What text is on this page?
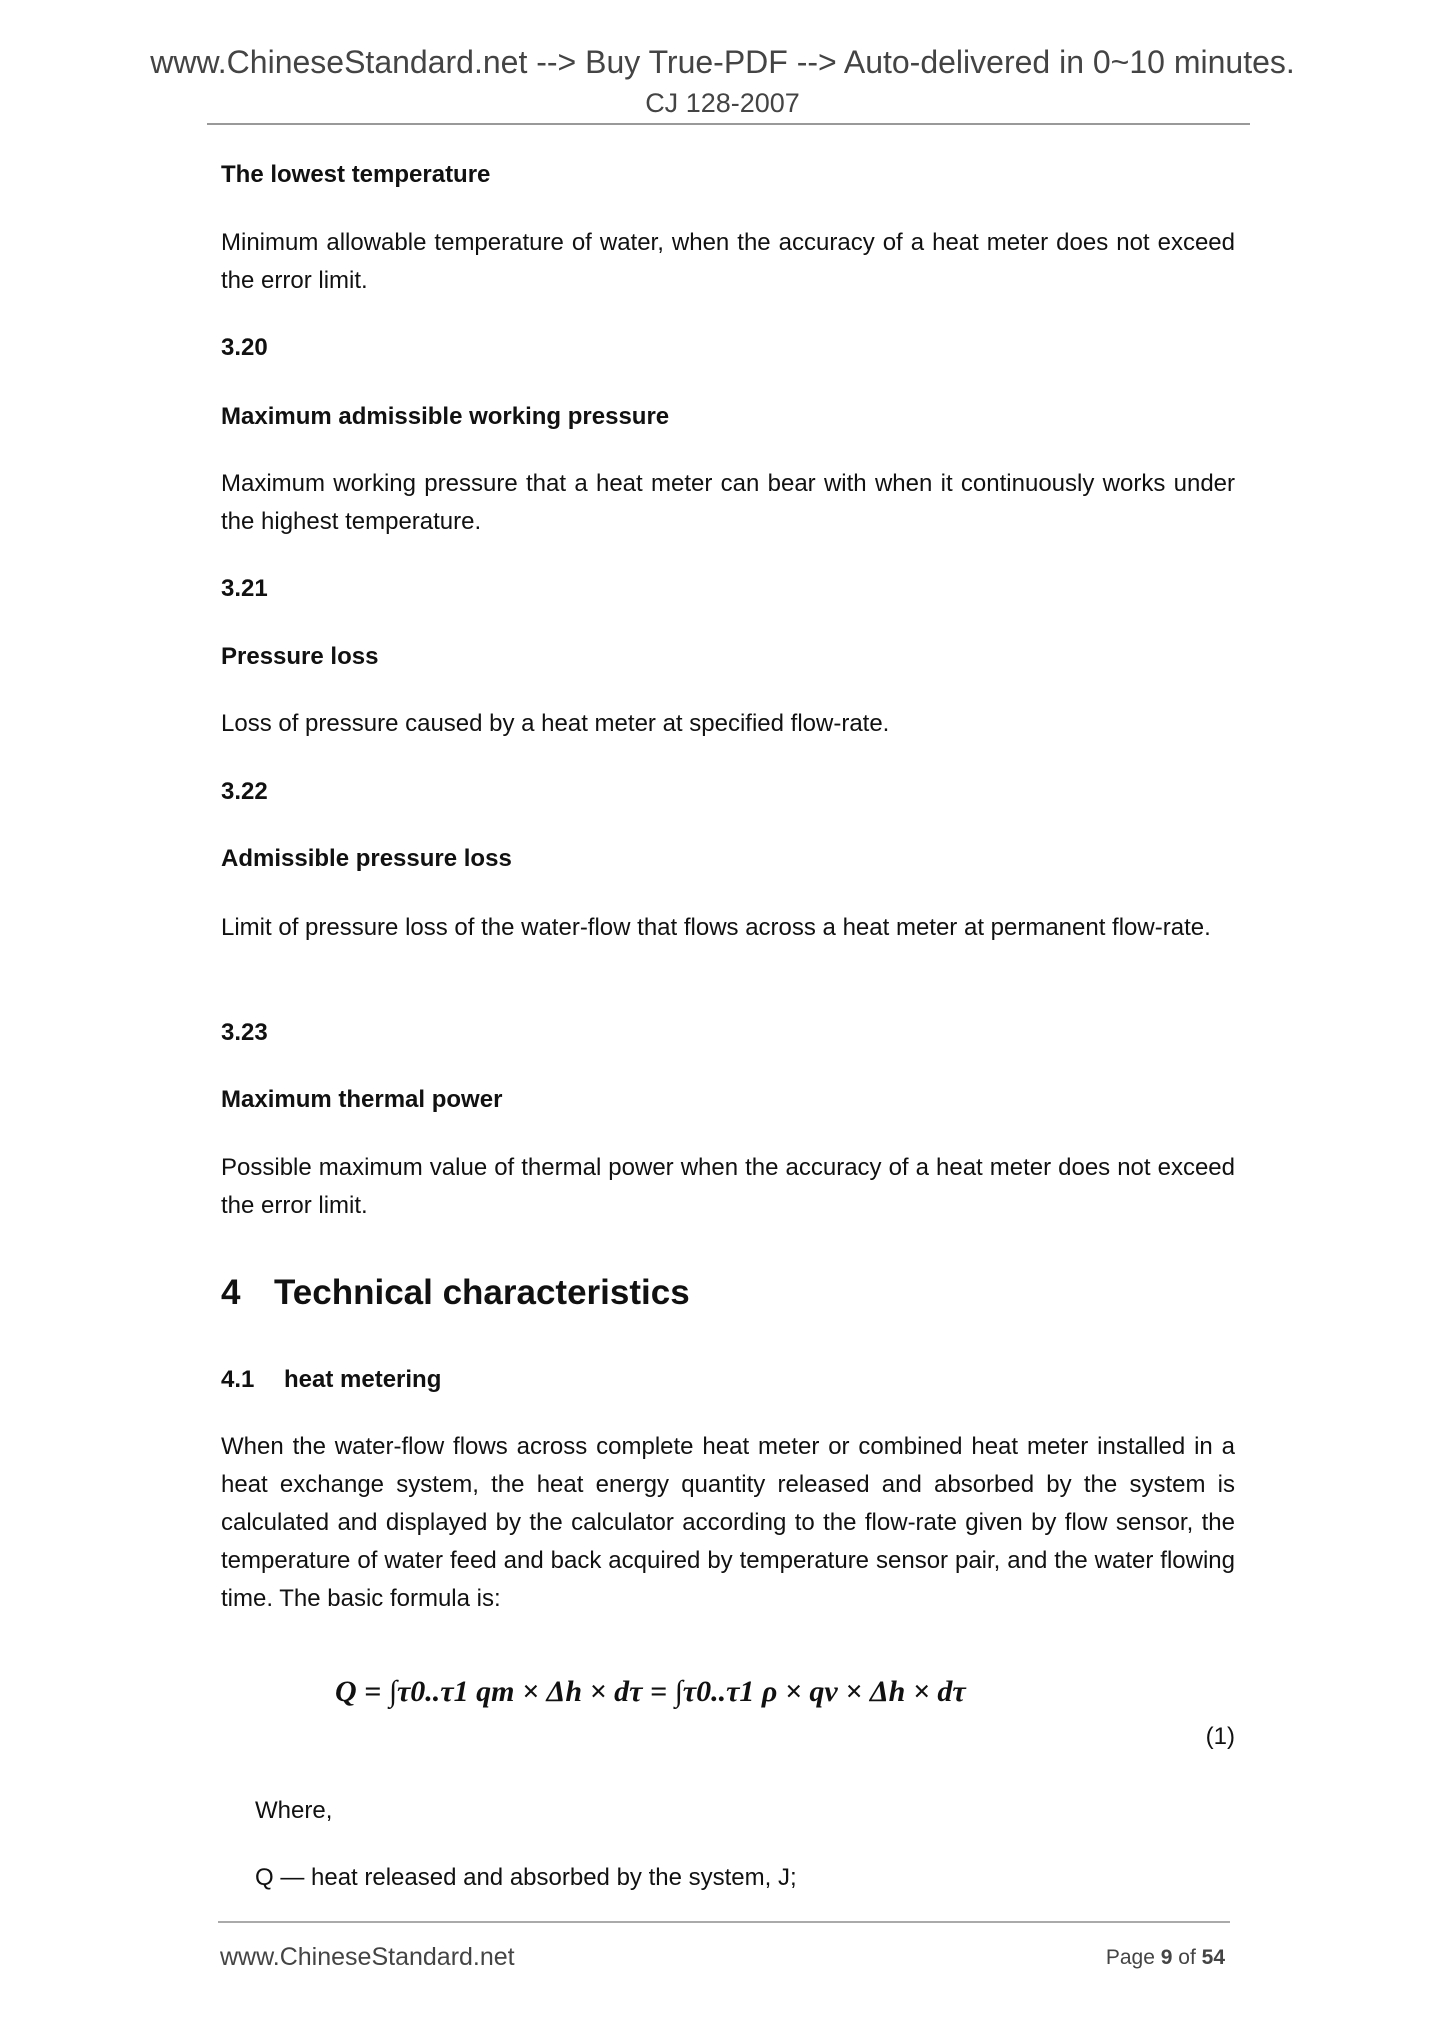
www.ChineseStandard.net --> Buy True-PDF --> Auto-delivered in 0~10 minutes.
CJ 128-2007
The lowest temperature
Minimum allowable temperature of water, when the accuracy of a heat meter does not exceed the error limit.
3.20
Maximum admissible working pressure
Maximum working pressure that a heat meter can bear with when it continuously works under the highest temperature.
3.21
Pressure loss
Loss of pressure caused by a heat meter at specified flow-rate.
3.22
Admissible pressure loss
Limit of pressure loss of the water-flow that flows across a heat meter at permanent flow-rate.
3.23
Maximum thermal power
Possible maximum value of thermal power when the accuracy of a heat meter does not exceed the error limit.
4 Technical characteristics
4.1 heat metering
When the water-flow flows across complete heat meter or combined heat meter installed in a heat exchange system, the heat energy quantity released and absorbed by the system is calculated and displayed by the calculator according to the flow-rate given by flow sensor, the temperature of water feed and back acquired by temperature sensor pair, and the water flowing time. The basic formula is:
Q = ∫τ0..τ1 qm × Δh × dτ = ∫τ0..τ1 ρ × qv × Δh × dτ
(1)
Where,
Q — heat released and absorbed by the system, J;
www.ChineseStandard.net	Page 9 of 54
